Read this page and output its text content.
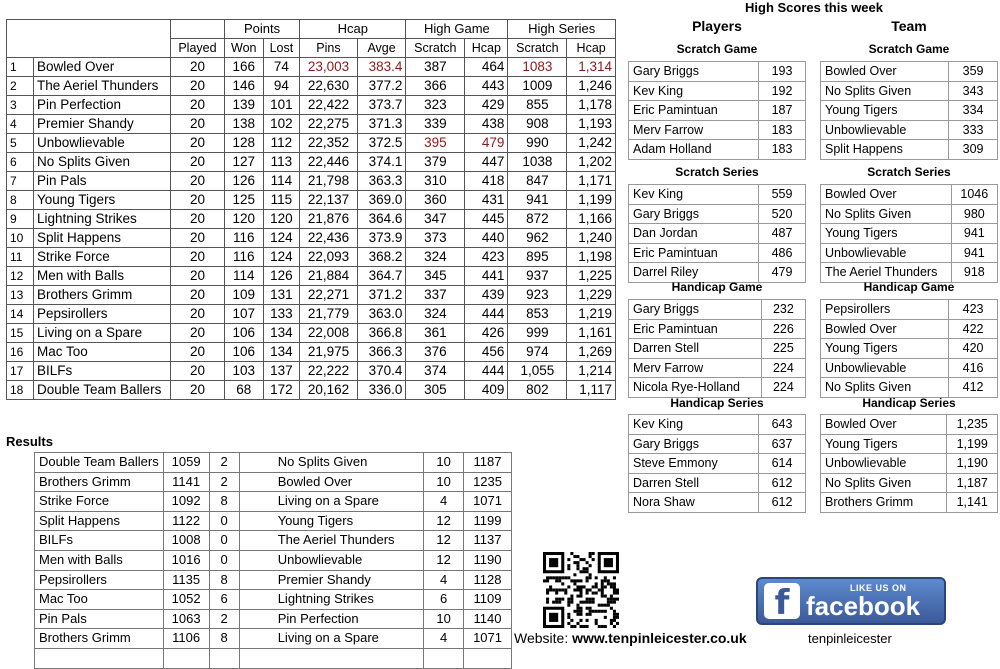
			Points		Hcap		High Game		High Series	
		Played	Won	Lost	Pins	Avge	Scratch	Hcap	Scratch	Hcap
1	Bowled Over	20	166	74	23,003	383.4	387	464	1083	1,314
2	The Aeriel Thunders	20	146	94	22,630	377.2	366	443	1009	1,246
3	Pin Perfection	20	139	101	22,422	373.7	323	429	855	1,178
4	Premier Shandy	20	138	102	22,275	371.3	339	438	908	1,193
5	Unbowlievable	20	128	112	22,352	372.5	395	479	990	1,242
6	No Splits Given	20	127	113	22,446	374.1	379	447	1038	1,202
7	Pin Pals	20	126	114	21,798	363.3	310	418	847	1,171
8	Young Tigers	20	125	115	22,137	369.0	360	431	941	1,199
9	Lightning Strikes	20	120	120	21,876	364.6	347	445	872	1,166
10	Split Happens	20	116	124	22,436	373.9	373	440	962	1,240
11	Strike Force	20	116	124	22,093	368.2	324	423	895	1,198
12	Men with Balls	20	114	126	21,884	364.7	345	441	937	1,225
13	Brothers Grimm	20	109	131	22,271	371.2	337	439	923	1,229
14	Pepsirollers	20	107	133	21,779	363.0	324	444	853	1,219
15	Living on a Spare	20	106	134	22,008	366.8	361	426	999	1,161
16	Mac Too	20	106	134	21,975	366.3	376	456	974	1,269
17	BILFs	20	103	137	22,222	370.4	374	444	1,055	1,214
18	Double Team Ballers	20	68	172	20,162	336.0	305	409	802	1,117
High Scores this week
Players	Team
Scratch Game
Gary Briggs	193
Kev King	192
Eric Pamintuan	187
Merv Farrow	183
Adam Holland	183
Scratch Game
Bowled Over	359
No Splits Given	343
Young Tigers	334
Unbowlievable	333
Split Happens	309
Scratch Series
Kev King	559
Gary Briggs	520
Dan Jordan	487
Eric Pamintuan	486
Darrel Riley	479
Scratch Series
Bowled Over	1046
No Splits Given	980
Young Tigers	941
Unbowlievable	941
The Aeriel Thunders	918
Handicap Game
Gary Briggs	232
Eric Pamintuan	226
Darren Stell	225
Merv Farrow	224
Nicola Rye-Holland	224
Handicap Game
Pepsirollers	423
Bowled Over	422
Young Tigers	420
Unbowlievable	416
No Splits Given	412
Handicap Series
Kev King	643
Gary Briggs	637
Steve Emmony	614
Darren Stell	612
Nora Shaw	612
Handicap Series
Bowled Over	1,235
Young Tigers	1,199
Unbowlievable	1,190
No Splits Given	1,187
Brothers Grimm	1,141
Results
Double Team Ballers	1059	2	No Splits Given	10	1187
Brothers Grimm	1141	2	Bowled Over	10	1235
Strike Force	1092	8	Living on a Spare	4	1071
Split Happens	1122	0	Young Tigers	12	1199
BILFs	1008	0	The Aeriel Thunders	12	1137
Men with Balls	1016	0	Unbowlievable	12	1190
Pepsirollers	1135	8	Premier Shandy	4	1128
Mac Too	1052	6	Lightning Strikes	6	1109
Pin Pals	1063	2	Pin Perfection	10	1140
Brothers Grimm	1106	8	Living on a Spare	4	1071

f	LIKE US ON
facebook
Website: www.tenpinleicester.co.uk	tenpinleicester
